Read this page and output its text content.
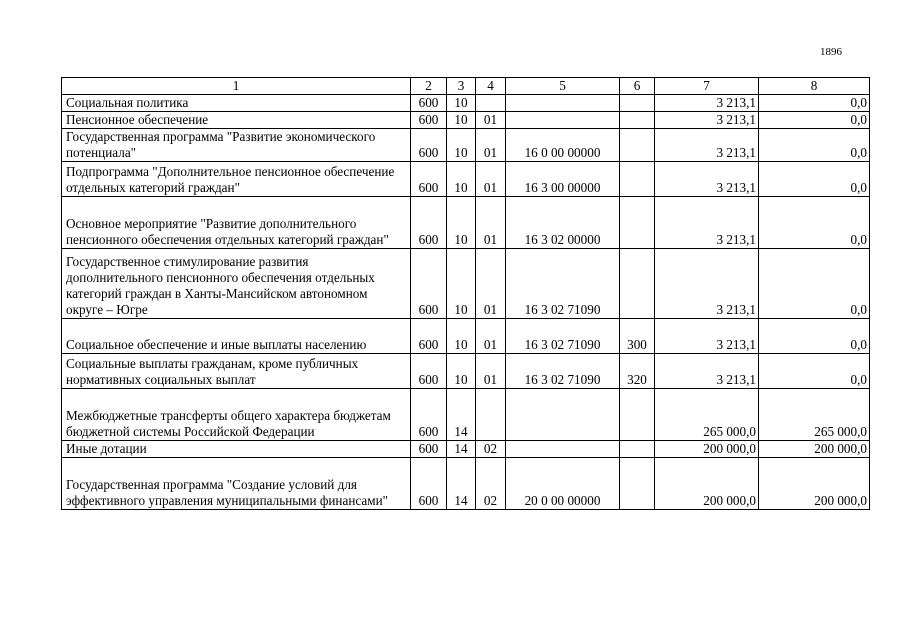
1896
1	2	3	4	5	6	7	8
Социальная политика	600	10				3 213,1	0,0
Пенсионное обеспечение	600	10	01			3 213,1	0,0
Государственная программа "Развитие экономического потенциала"	600	10	01	16 0 00 00000		3 213,1	0,0
Подпрограмма "Дополнительное пенсионное обеспечение отдельных категорий граждан"	600	10	01	16 3 00 00000		3 213,1	0,0
Основное мероприятие "Развитие дополнительного пенсионного обеспечения отдельных категорий граждан"	600	10	01	16 3 02 00000		3 213,1	0,0
Государственное стимулирование развития дополнительного пенсионного обеспечения отдельных категорий граждан в Ханты-Мансийском автономном округе – Югре	600	10	01	16 3 02 71090		3 213,1	0,0
Социальное обеспечение и иные выплаты населению	600	10	01	16 3 02 71090	300	3 213,1	0,0
Социальные выплаты гражданам, кроме публичных нормативных социальных выплат	600	10	01	16 3 02 71090	320	3 213,1	0,0
Межбюджетные трансферты общего характера бюджетам бюджетной системы Российской Федерации	600	14				265 000,0	265 000,0
Иные дотации	600	14	02			200 000,0	200 000,0
Государственная программа "Создание условий для эффективного управления муниципальными финансами"	600	14	02	20 0 00 00000		200 000,0	200 000,0
